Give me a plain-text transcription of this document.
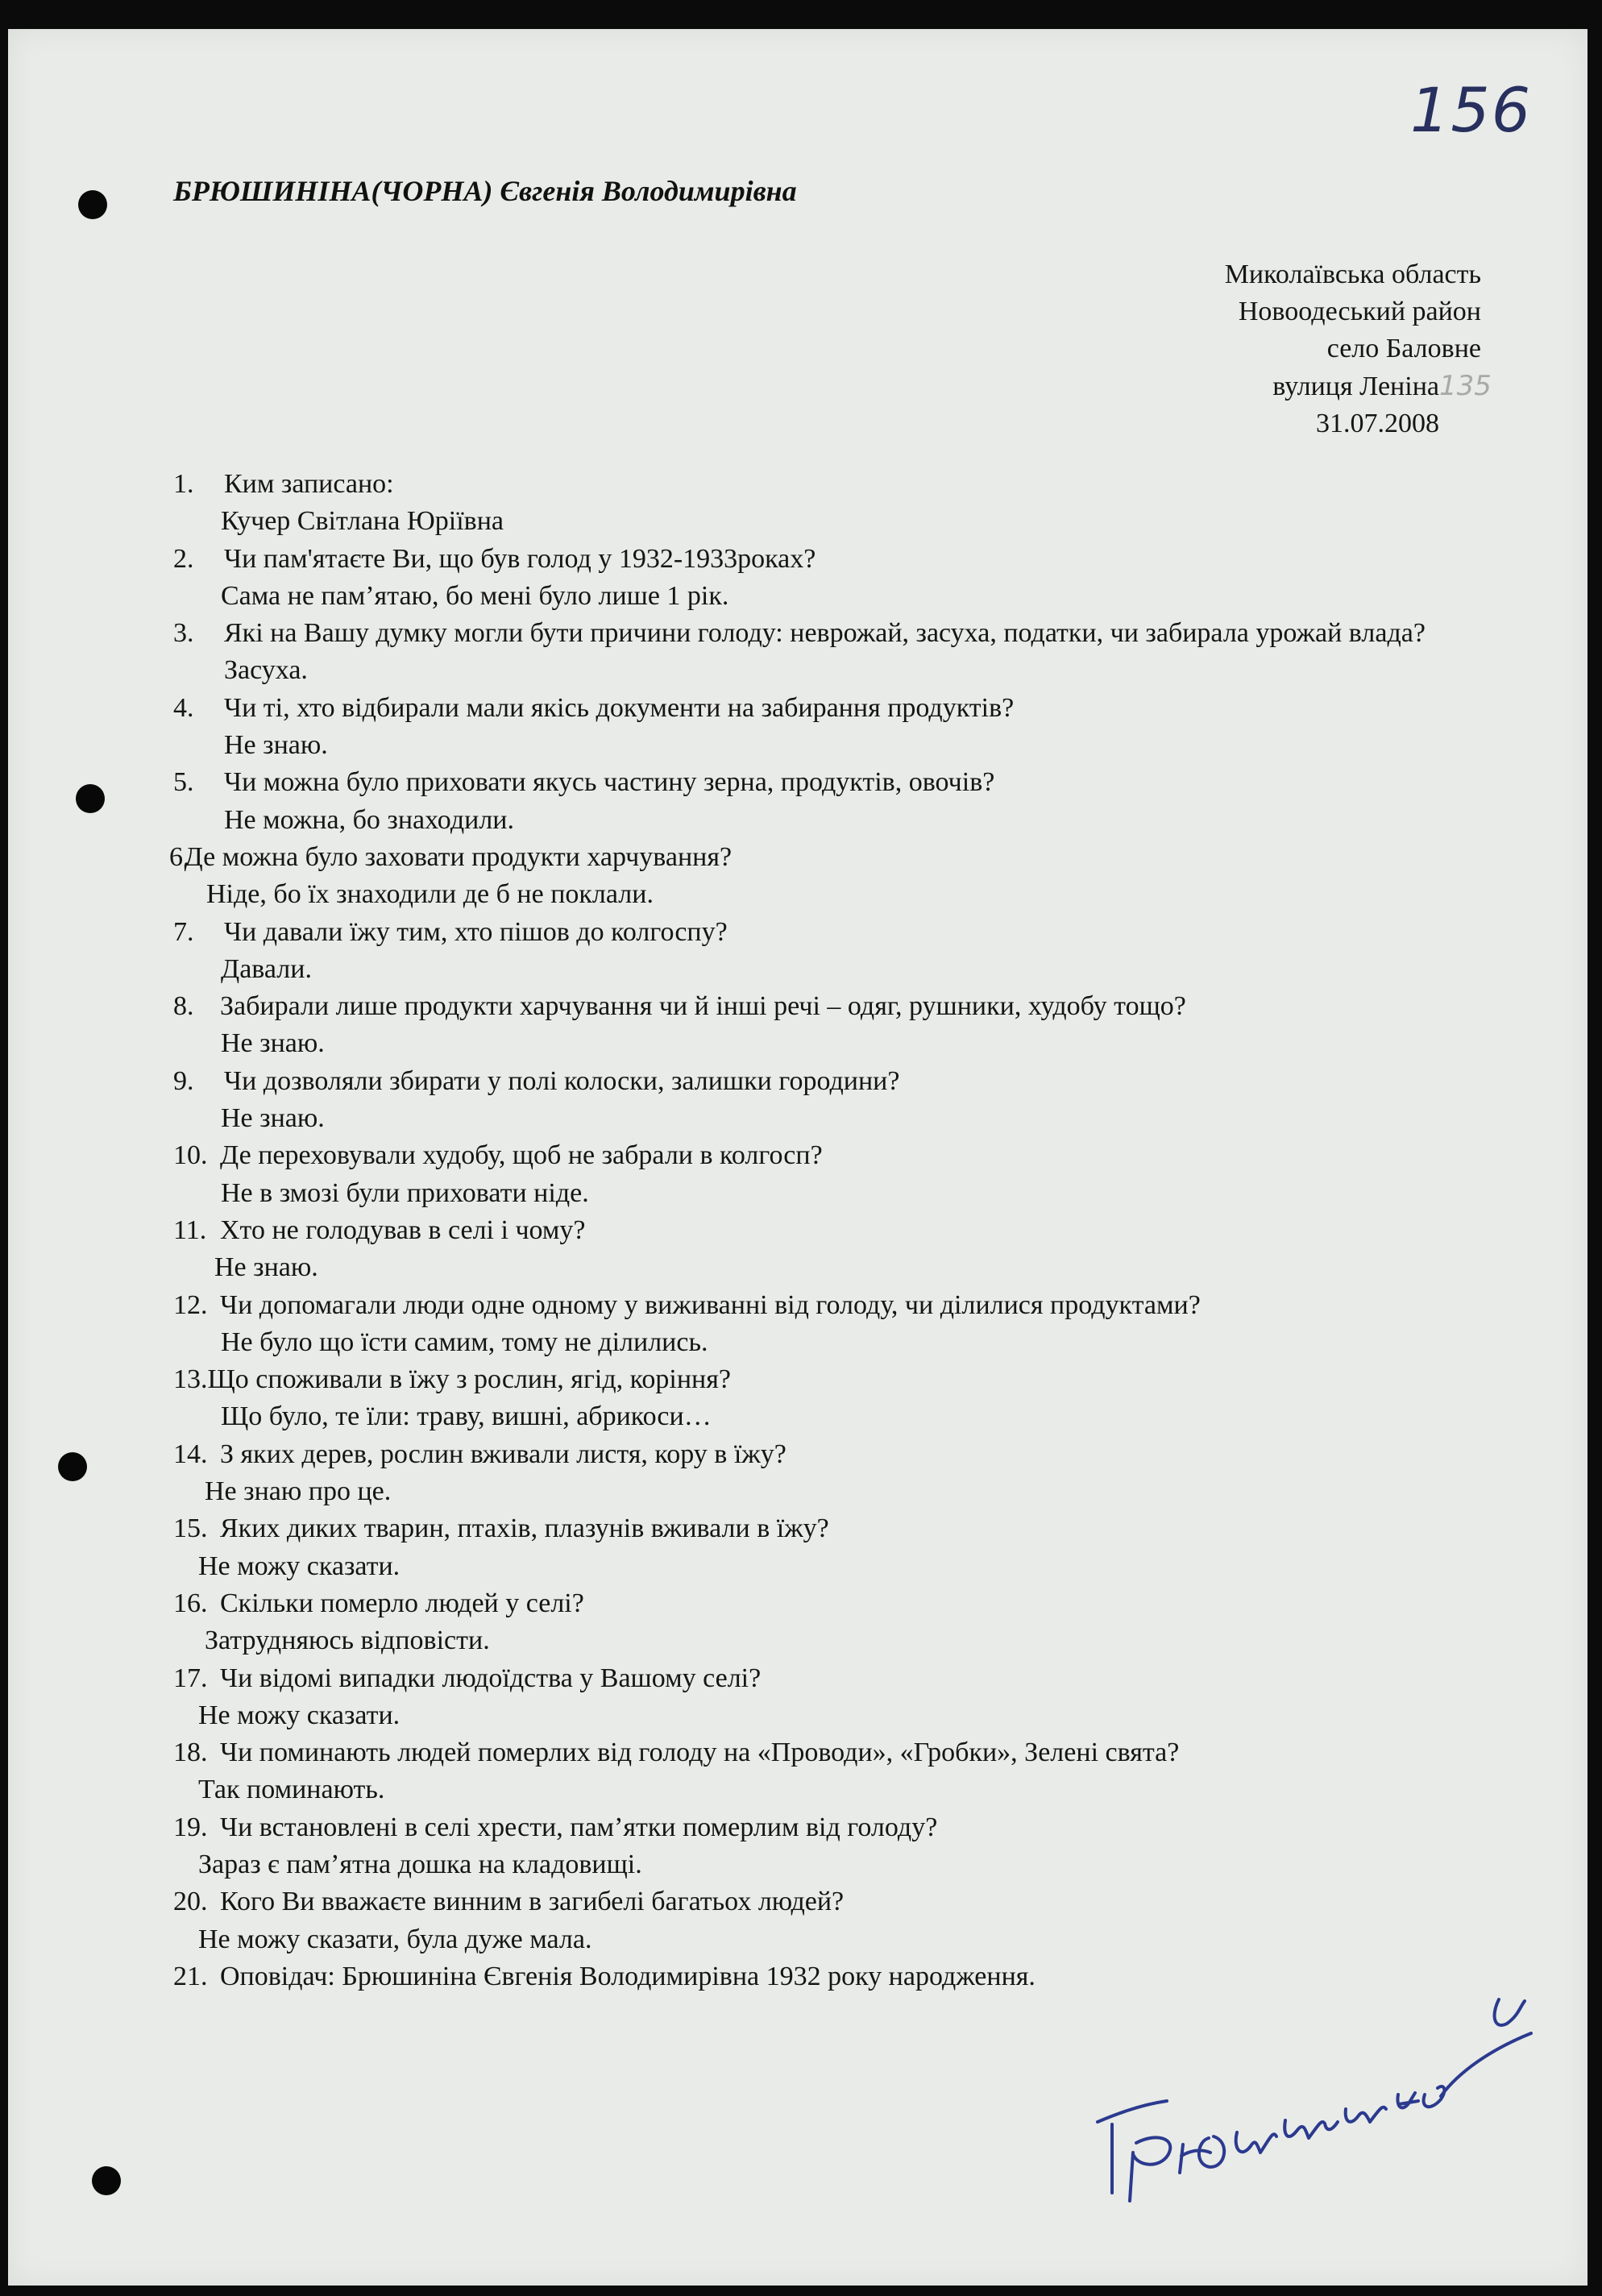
156
БРЮШИНІНА(ЧОРНА) Євгенія Володимирівна
Миколаївська область
Новоодеський район
село Баловне
вулиця Леніна135
31.07.2008
1. Ким записано:
Кучер Світлана Юріївна
2. Чи пам'ятаєте Ви, що був голод у 1932-1933роках?
Сама не пам’ятаю, бо мені було лише 1 рік.
3.	Які на Вашу думку могли бути причини голоду: неврожай, засуха, податки, чи забирала урожай влада?
Засуха.
4. Чи ті, хто відбирали мали якісь документи на забирання продуктів?
Не знаю.
5. Чи можна було приховати якусь частину зерна, продуктів, овочів?
Не можна, бо знаходили.
6. Де можна було заховати продукти харчування?
Ніде, бо їх знаходили де б не поклали.
7. Чи давали їжу тим, хто пішов до колгоспу?
Давали.
8. Забирали лише продукти харчування чи й інші речі – одяг, рушники, худобу тощо?
Не знаю.
9. Чи дозволяли збирати у полі колоски, залишки городини?
Не знаю.
10. Де переховували худобу, щоб не забрали в колгосп?
Не в змозі були приховати ніде.
11. Хто не голодував в селі і чому?
Не знаю.
12. Чи допомагали люди одне одному у виживанні від голоду, чи ділилися продуктами?
Не було що їсти самим, тому не ділились.
13.Що споживали в їжу з рослин, ягід, коріння?
Що було, те їли: траву, вишні, абрикоси…
14. З яких дерев, рослин вживали листя, кору в їжу?
Не знаю про це.
15. Яких диких тварин, птахів, плазунів вживали в їжу?
Не можу сказати.
16. Скільки померло людей у селі?
Затрудняюсь відповісти.
17. Чи відомі випадки людоїдства у Вашому селі?
Не можу сказати.
18. Чи поминають людей померлих від голоду на «Проводи», «Гробки», Зелені свята?
Так поминають.
19. Чи встановлені в селі хрести, пам’ятки померлим від голоду?
Зараз є пам’ятна дошка на кладовищі.
20. Кого Ви вважаєте винним в загибелі багатьох людей?
Не можу сказати, була дуже мала.
21. Оповідач: Брюшиніна Євгенія Володимирівна 1932 року народження.
